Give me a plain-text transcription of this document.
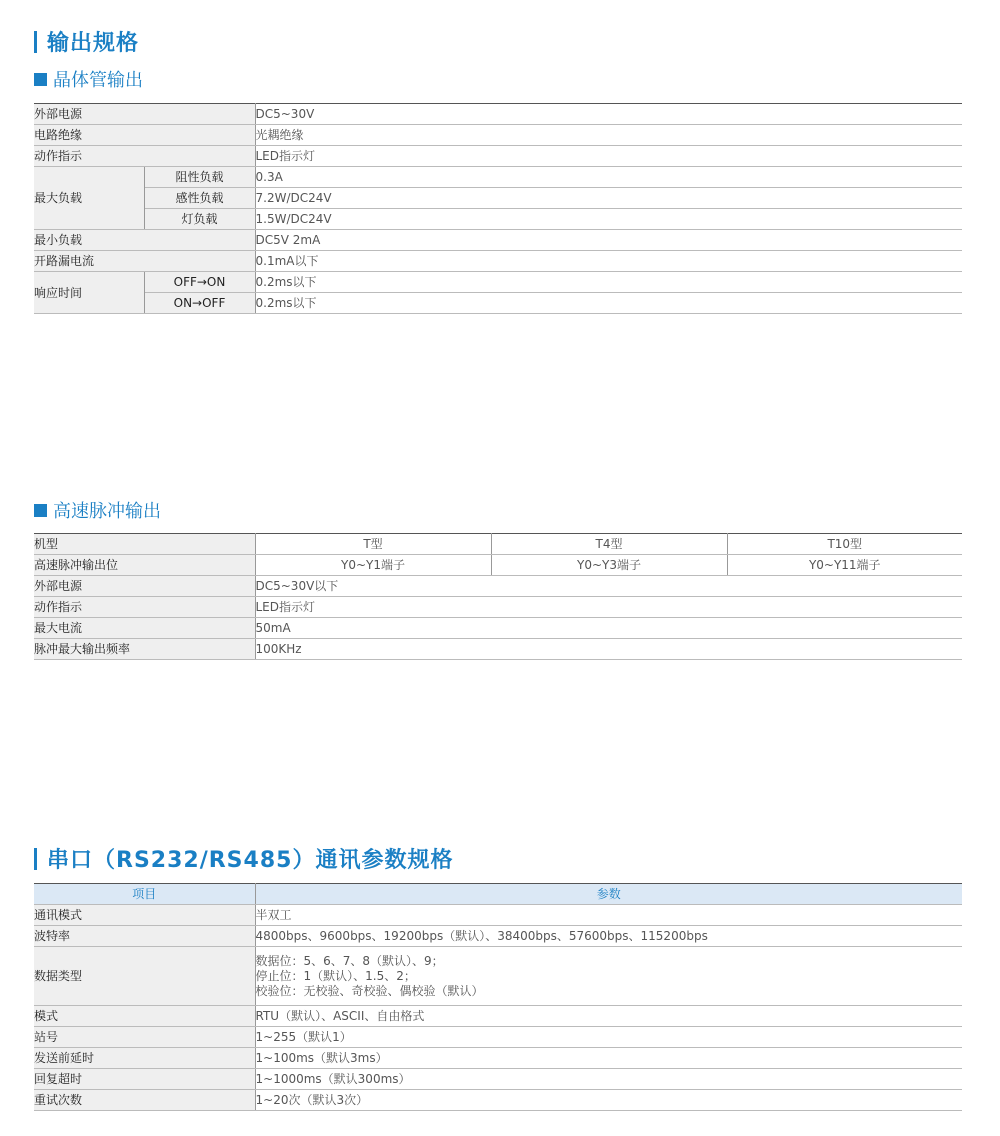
输出规格
晶体管输出
外部电源		DC5~30V
电路绝缘		光耦绝缘
动作指示		LED指示灯
最大负载	阻性负载	0.3A
	感性负载	7.2W/DC24V
	灯负载	1.5W/DC24V
最小负载		DC5V 2mA
开路漏电流		0.1mA以下
响应时间	OFF→ON	0.2ms以下
	ON→OFF	0.2ms以下
高速脉冲输出
机型	T型	T4型	T10型
高速脉冲输出位	Y0~Y1端子	Y0~Y3端子	Y0~Y11端子
外部电源	DC5~30V以下		
动作指示	LED指示灯		
最大电流	50mA		
脉冲最大输出频率	100KHz		
串口（RS232/RS485）通讯参数规格
项目	参数
通讯模式	半双工
波特率	4800bps、9600bps、19200bps（默认）、38400bps、57600bps、115200bps
数据类型	数据位：5、6、7、8（默认）、9；
停止位：1（默认）、1.5、2；
校验位：无校验、奇校验、偶校验（默认）

模式	RTU（默认）、ASCII、自由格式
站号	1~255（默认1）
发送前延时	1~100ms（默认3ms）
回复超时	1~1000ms（默认300ms）
重试次数	1~20次（默认3次）
